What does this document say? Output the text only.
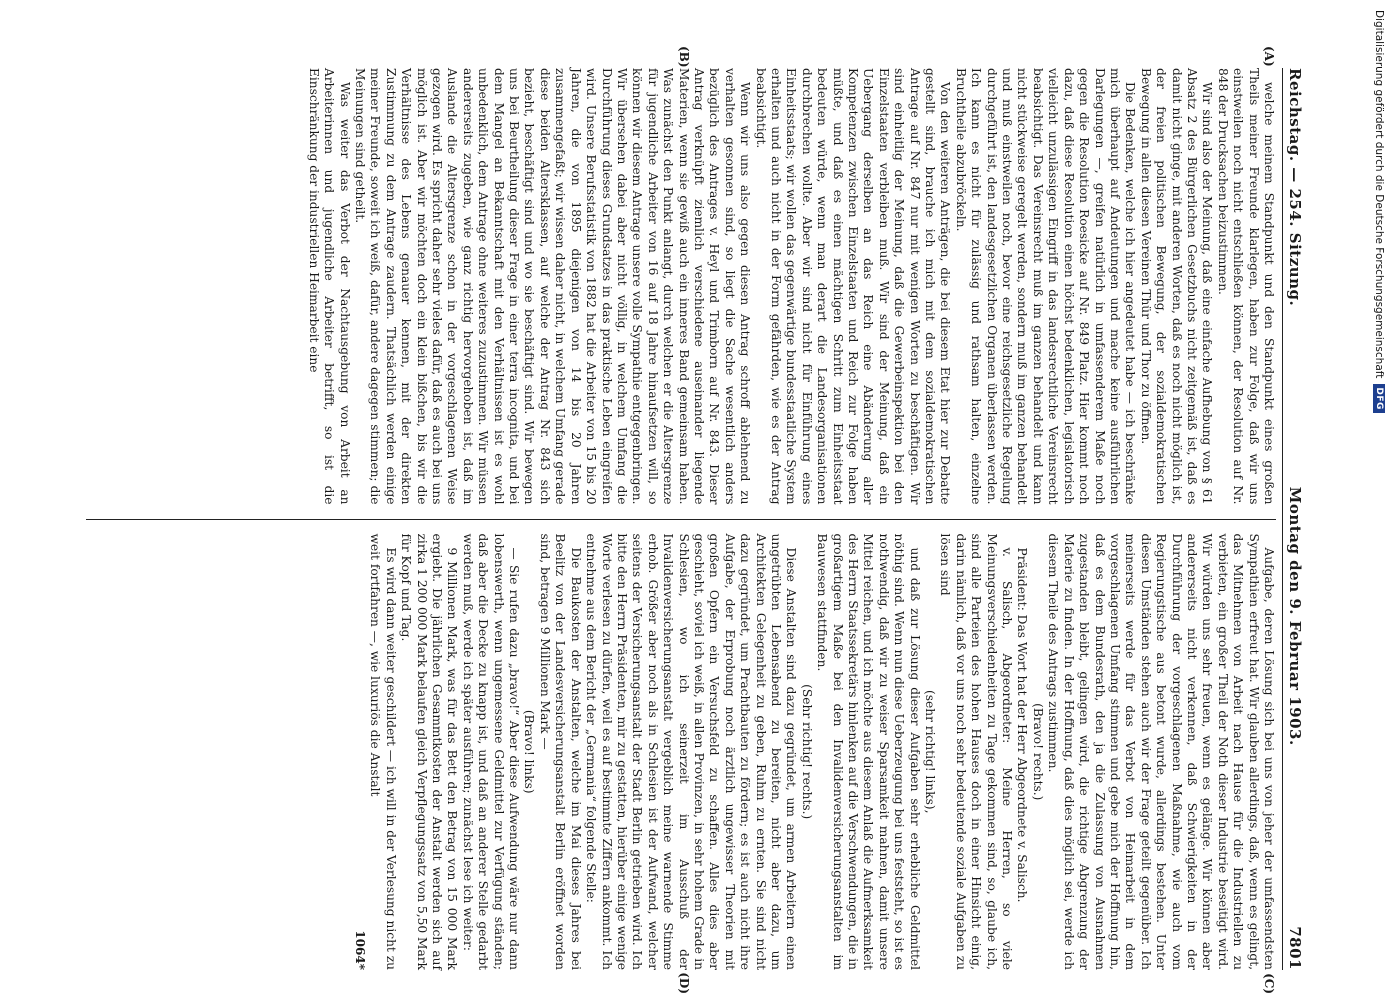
Reichstag. — 254. Sitzung.
Montag den 9. Februar 1903.
7801
(A)
(B)

welche meinem Standpunkt und den Standpunkt eines großen Theils meiner Freunde klarlegen, haben zur Folge, daß wir uns einstweilen noch nicht entschließen können, der Resolution auf Nr. 848 der Drucksachen beizustimmen.

Wir sind also der Meinung, daß eine einfache Aufhebung von § 61 Absatz 2 des Bürgerlichen Gesetzbuchs nicht zeitgemäß ist, daß es damit nicht ginge, mit anderen Worten, daß es noch nicht möglich ist, der freien politischen Bewegung, der sozialdemokratischen Bewegung in allen diesen Vereinen Thür und Thor zu öffnen.

Die Bedenken, welche ich hier angedeutet habe — ich beschränke mich überhaupt auf Andeutungen und mache keine ausführlichen Darlegungen —, greifen natürlich in umfassenderem Maße noch gegen die Resolution Roesicke auf Nr. 849 Platz. Hier kommt noch dazu, daß diese Resolution einen höchst bedenklichen, legislatorisch vielleicht unzulässigen Eingriff in das landesrechtliche Vereinsrecht beabsichtigt. Das Vereinsrecht muß im ganzen behandelt und kann nicht stückweise geregelt werden, sondern muß im ganzen behandelt und muß einstweilen noch, bevor eine reichsgesetzliche Regelung durchgeführt ist, den landesgesetzlichen Organen überlassen werden. Ich kann es nicht für zulässig und rathsam halten, einzelne Bruchtheile abzubröckeln.

Von den weiteren Anträgen, die bei diesem Etat hier zur Debatte gestellt sind, brauche ich mich mit dem sozialdemokratischen Antrage auf Nr. 847 nur mit wenigen Worten zu beschäftigen. Wir sind einheitlig der Meinung, daß die Gewerbeinspektion bei den Einzelstaaten verbleiben muß. Wir sind der Meinung, daß ein Uebergang derselben an das Reich eine Abänderung aller Kompetenzen zwischen Einzelstaaten und Reich zur Folge haben müßte, und daß es einen mächtigen Schritt zum Einheitsstaat bedeuten würde, wenn man derart die Landesorganisationen durchbrechen wollte. Aber wir sind nicht für Einführung eines Einheitsstaats; wir wollen das gegenwärtige bundesstaatliche System erhalten und auch nicht in der Form gefährden, wie es der Antrag beabsichtigt.

Wenn wir uns also gegen diesen Antrag schroff ablehnend zu verhalten gesonnen sind, so liegt die Sache wesentlich anders bezüglich des Antrages v. Heyl und Trimborn auf Nr. 843. Dieser Antrag verknüpft ziemlich verschiedene auseinander liegende Materien, wenn sie gewiß auch ein inneres Band gemeinsam haben. Was zunächst den Punkt anlangt, durch welchen er die Altersgrenze für jugendliche Arbeiter von 16 auf 18 Jahre hinaufsetzen will, so können wir diesem Antrage unsere volle Sympathie entgegenbringen. Wir übersehen dabei aber nicht völlig, in welchem Umfang die Durchführung dieses Grundsatzes in das praktische Leben eingreifen wird. Unsere Berufsstatistik von 1882 hat die Arbeiter von 15 bis 20 Jahren, die von 1895 diejenigen von 14 bis 20 Jahren zusammengefaßt; wir wissen daher nicht, in welchem Umfang gerade diese beiden Altersklassen, auf welche der Antrag Nr. 843 sich bezieht, beschäftigt sind und wo sie beschäftigt sind. Wir bewegen uns bei Beurtheilung dieser Frage in einer terra incognita, und bei dem Mangel an Bekanntschaft mit den Verhältnissen ist es wohl unbedenklich, dem Antrage ohne weiteres zuzustimmen. Wir müssen andererseits zugeben, wie ganz richtig hervorgehoben ist, daß im Auslande die Altersgrenze schon in der vorgeschlagenen Weise gezogen wird. Es spricht daher sehr vieles dafür, daß es auch bei uns möglich ist. Aber wir möchten doch ein klein bißchen, bis wir die Verhältnisse des Lebens genauer kennen, mit der direkten Zustimmung zu dem Antrage zaudern. Thatsächlich werden einige meiner Freunde, soweit ich weiß, dafür, andere dagegen stimmen; die Meinungen sind getheilt.

Was weiter das Verbot der Nachtausgebung von Arbeit an Arbeiterinnen und jugendliche Arbeiter betrifft, so ist die Einschränkung der industriellen Heimarbeit eine

(C)
(D)

Aufgabe, deren Lösung sich bei uns von jeher der umfassendsten Sympathien erfreut hat. Wir glauben allerdings, daß, wenn es gelingt, das Mitnehmen von Arbeit nach Hause für die Industriellen zu verbieten, ein großer Theil der Noth dieser Industrie beseitigt wird. Wir würden uns sehr freuen, wenn es gelänge. Wir können aber andererseits nicht verkennen, daß Schwierigkeiten in der Durchführung der vorgeschlagenen Maßnahme, wie auch vom Regierungstische aus betont wurde, allerdings bestehen. Unter diesen Umständen stehen auch wir der Frage geteilt gegenüber. Ich meinerseits werde für das Verbot von Heimarbeit in dem vorgeschlagenen Umfang stimmen und gebe mich der Hoffnung hin, daß es dem Bundesrath, den ja die Zulassung von Ausnahmen zugestanden bleibt, gelingen wird, die richtige Abgrenzung der Materie zu finden. In der Hoffnung, daß dies möglich sei, werde ich diesem Theile des Antrags zustimmen.

(Bravo! rechts.)

Präsident: Das Wort hat der Herr Abgeordnete v. Salisch.

v. Salisch, Abgeordneter: Meine Herren, so viele Meinungsverschiedenheiten zu Tage gekommen sind, so, glaube ich, sind alle Parteien des hohen Hauses doch in einer Hinsicht einig, darin nämlich, daß vor uns noch sehr bedeutende soziale Aufgaben zu lösen sind

(sehr richtig! links),

und daß zur Lösung dieser Aufgaben sehr erhebliche Geldmittel nöthig sind. Wenn nun diese Ueberzeugung bei uns feststeht, so ist es nothwendig, daß wir zu weiser Sparsamkeit mahnen, damit unsere Mittel reichen, und ich möchte aus diesem Anlaß die Aufmerksamkeit des Herrn Staatssekretärs hinlenken auf die Verschwendungen, die in großartigem Maße bei den Invalidenversicherungsanstalten im Bauwesen stattfinden.

(Sehr richtig! rechts.)

Diese Anstalten sind dazu gegründet, um armen Arbeitern einen ungetrübten Lebensabend zu bereiten, nicht aber dazu, um Architekten Gelegenheit zu geben, Ruhm zu ernten. Sie sind nicht dazu gegründet, um Prachtbauten zu fördern; es ist auch nicht ihre Aufgabe, der Erprobung noch ärztlich ungewisser Theorien mit großen Opfern ein Versuchsfeld zu schaffen. Alles dies aber geschieht, soviel ich weiß, in allen Provinzen, in sehr hohem Grade in Schlesien, wo ich seinerzeit im Ausschuß der Invalidenversicherungsanstalt vergeblich meine warnende Stimme erhob. Größer aber noch als in Schlesien ist der Aufwand, welcher seitens der Versicherungsanstalt der Stadt Berlin getrieben wird. Ich bitte den Herrn Präsidenten, mir zu gestatten, hierüber einige wenige Worte verlesen zu dürfen, weil es auf bestimmte Ziffern ankommt. Ich entnehme aus dem Bericht der „Germania“ folgende Stelle:

Die Baukosten der Anstalten, welche im Mai dieses Jahres bei Beelitz von der Landesversicherungsanstalt Berlin eröffnet worden sind, betragen 9 Millionen Mark —

(Bravo! links)

— Sie rufen dazu „bravo!“ Aber diese Aufwendung wäre nur dann lobenswerth, wenn ungemessene Geldmittel zur Verfügung ständen; daß aber die Decke zu knapp ist, und daß an anderer Stelle gedarbt werden muß, werde ich später ausführen; zunächst lese ich weiter:

9 Millionen Mark, was für das Bett den Betrag von 15 000 Mark ergiebt. Die jährlichen Gesammtkosten der Anstalt werden sich auf zirka 1 200 000 Mark belaufen gleich Verpflegungssatz von 5,50 Mark für Kopf und Tag.

Es wird dann weiter geschildert — ich will in der Verlesung nicht zu weit fortfahren —, wie luxuriös die Anstalt

1064*
Digitalisierung gefördert durch die Deutsche Forschungsgemeinschaft
DFG
